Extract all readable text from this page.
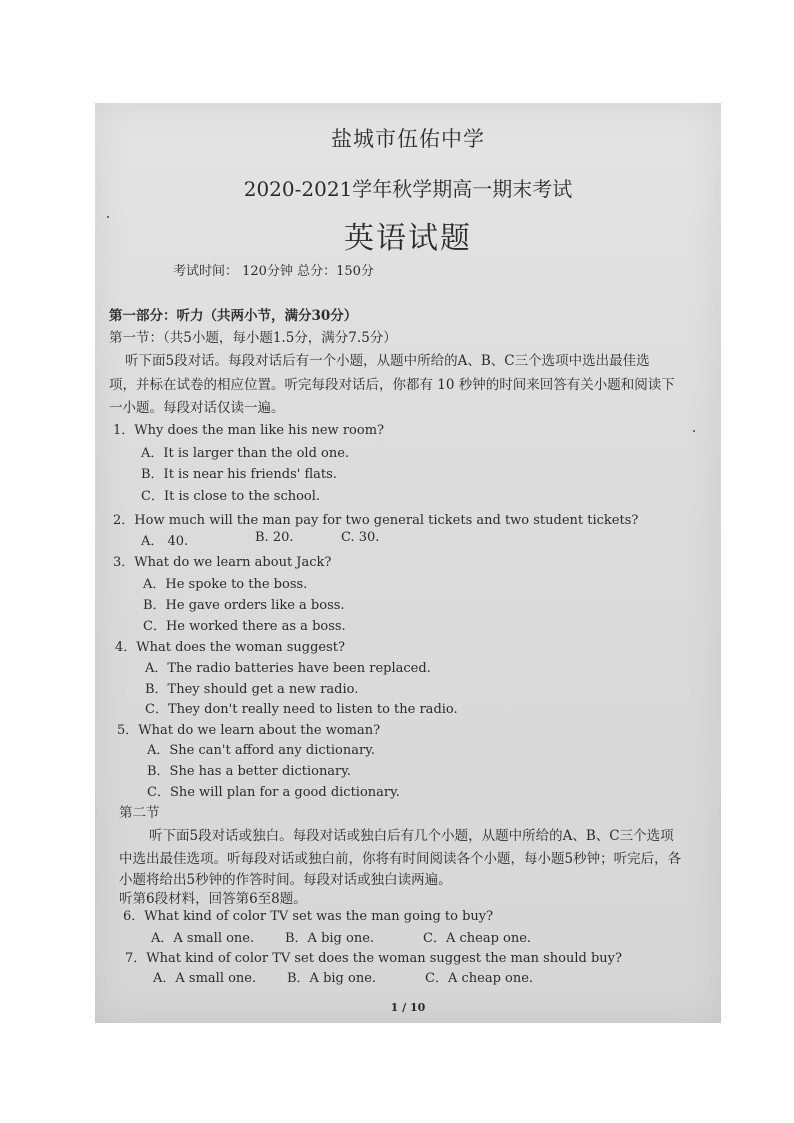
盐城市伍佑中学
2020-2021学年秋学期高一期末考试
英语试题
考试时间： 120分钟 总分：150分
第一部分：听力（共两小节，满分30分）
第一节：（共5小题，每小题1.5分，满分7.5分）
听下面5段对话。每段对话后有一个小题，从题中所给的A、B、C三个选项中选出最佳选
项，并标在试卷的相应位置。听完每段对话后，你都有 10 秒钟的时间来回答有关小题和阅读下
一小题。每段对话仅读一遍。
1．Why does the man like his new room?
A．It is larger than the old one.
B．It is near his friends' flats.
C．It is close to the school.
2．How much will the man pay for two general tickets and two student tickets?
A． 40.	B. 20.	C. 30.
3．What do we learn about Jack?
A．He spoke to the boss.
B．He gave orders like a boss.
C．He worked there as a boss.
4．What does the woman suggest?
A．The radio batteries have been replaced.
B．They should get a new radio.
C．They don't really need to listen to the radio.
5．What do we learn about the woman?
A．She can't afford any dictionary.
B．She has a better dictionary.
C．She will plan for a good dictionary.
第二节
听下面5段对话或独白。每段对话或独白后有几个小题，从题中所给的A、B、C三个选项
中选出最佳选项。听每段对话或独白前，你将有时间阅读各个小题，每小题5秒钟；听完后，各
小题将给出5秒钟的作答时间。每段对话或独白读两遍。
听第6段材料，回答第6至8题。
6．What kind of color TV set was the man going to buy?
A．A small one. B．A big one.	C．A cheap one.
7．What kind of color TV set does the woman suggest the man should buy?
A．A small one. B．A big one.	C．A cheap one.
1 / 10
